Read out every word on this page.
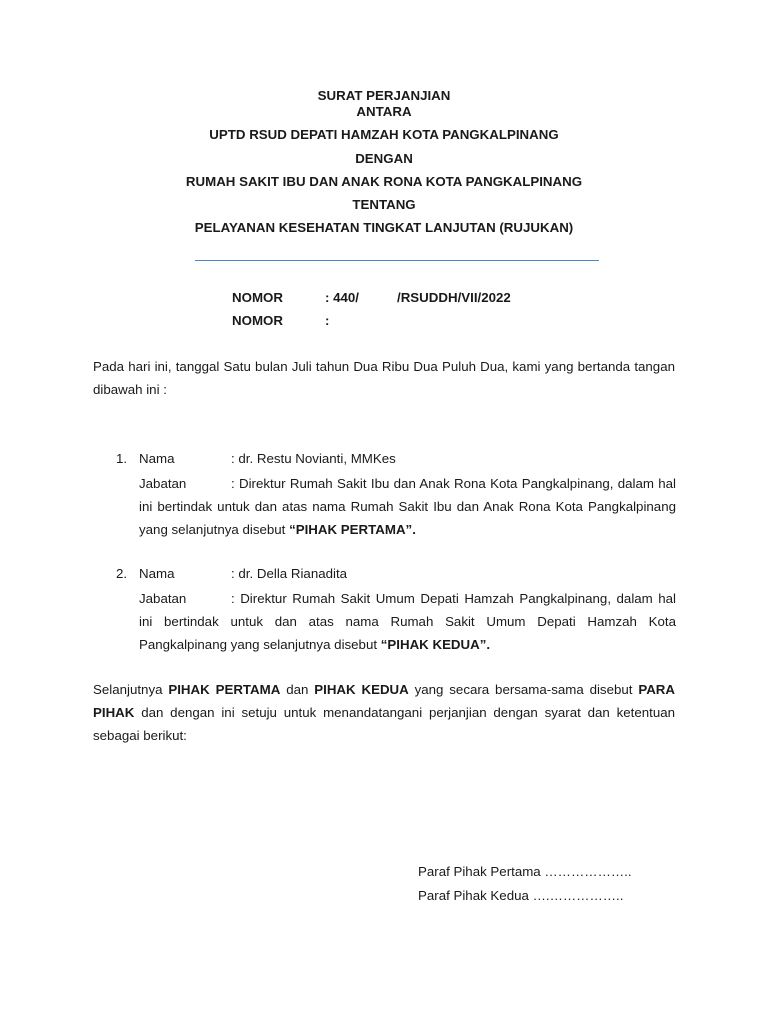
SURAT PERJANJIAN
ANTARA
UPTD RSUD DEPATI HAMZAH KOTA PANGKALPINANG
DENGAN
RUMAH SAKIT IBU DAN ANAK RONA KOTA PANGKALPINANG
TENTANG
PELAYANAN KESEHATAN TINGKAT LANJUTAN (RUJUKAN)
NOMOR	: 440/	/RSUDDH/VII/2022
NOMOR	:
Pada hari ini, tanggal Satu bulan Juli tahun Dua Ribu Dua Puluh Dua, kami yang bertanda tangan dibawah ini :
1. Nama	: dr. Restu Novianti, MMKes
Jabatan	: Direktur Rumah Sakit Ibu dan Anak Rona Kota Pangkalpinang, dalam hal ini bertindak untuk dan atas nama Rumah Sakit Ibu dan Anak Rona Kota Pangkalpinang yang selanjutnya disebut “PIHAK PERTAMA”.
2. Nama	: dr. Della Rianadita
Jabatan	: Direktur Rumah Sakit Umum Depati Hamzah Pangkalpinang, dalam hal ini bertindak untuk dan atas nama Rumah Sakit Umum Depati Hamzah Kota Pangkalpinang yang selanjutnya disebut “PIHAK KEDUA”.
Selanjutnya PIHAK PERTAMA dan PIHAK KEDUA yang secara bersama-sama disebut PARA PIHAK dan dengan ini setuju untuk menandatangani perjanjian dengan syarat dan ketentuan sebagai berikut:
Paraf Pihak Pertama ………………..
Paraf Pihak Kedua ….……………..
